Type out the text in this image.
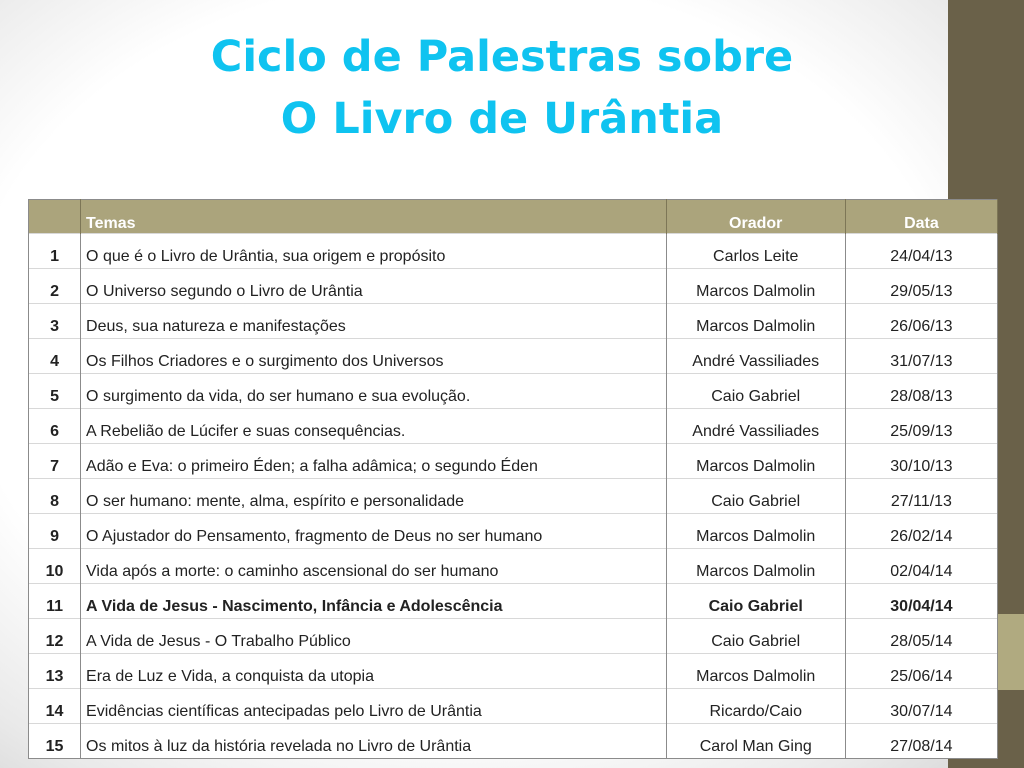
Ciclo de Palestras sobre
O Livro de Urântia
	Temas	Orador	Data
1	O que é o Livro de Urântia, sua origem e propósito	Carlos Leite	24/04/13
2	O Universo segundo o Livro de Urântia	Marcos Dalmolin	29/05/13
3	Deus, sua natureza e manifestações	Marcos Dalmolin	26/06/13
4	Os Filhos Criadores e o surgimento dos Universos	André Vassiliades	31/07/13
5	O surgimento da vida, do ser humano e sua evolução.	Caio Gabriel	28/08/13
6	A Rebelião de Lúcifer e suas consequências.	André Vassiliades	25/09/13
7	Adão e Eva: o primeiro Éden; a falha adâmica; o segundo Éden	Marcos Dalmolin	30/10/13
8	O ser humano: mente, alma, espírito e personalidade	Caio Gabriel	27/11/13
9	O Ajustador do Pensamento, fragmento de Deus no ser humano	Marcos Dalmolin	26/02/14
10	Vida após a morte: o caminho ascensional do ser humano	Marcos Dalmolin	02/04/14
11	A Vida de Jesus - Nascimento, Infância e Adolescência	Caio Gabriel	30/04/14
12	A Vida de Jesus - O Trabalho Público	Caio Gabriel	28/05/14
13	Era de Luz e Vida, a conquista da utopia	Marcos Dalmolin	25/06/14
14	Evidências científicas antecipadas pelo Livro de Urântia	Ricardo/Caio	30/07/14
15	Os mitos à luz da história revelada no Livro de Urântia	Carol Man Ging	27/08/14
